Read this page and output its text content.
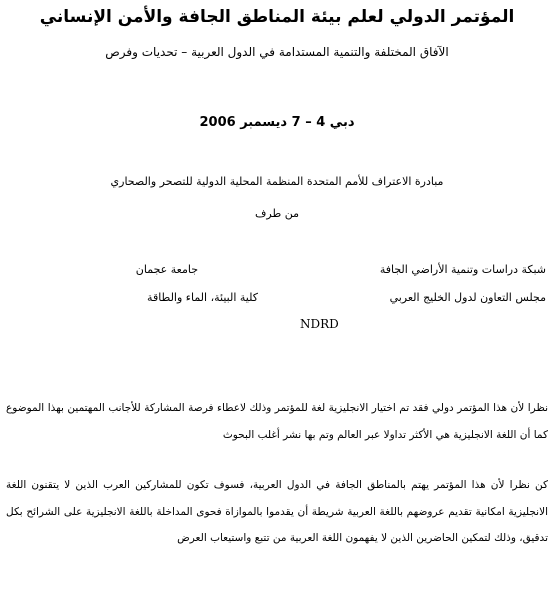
المؤتمر الدولي لعلم بيئة المناطق الجافة والأمن الإنساني
الآفاق المختلفة والتنمية المستدامة في الدول العربية – تحديات وفرص
دبي 4 – 7 ديسمبر 2006
مبادرة الاعتراف للأمم المتحدة المنظمة المحلية الدولية للتصحر والصحاري
من طرف
شبكة دراسات وتنمية الأراضي الجافة
جامعة عجمان
مجلس التعاون لدول الخليج العربي
كلية البيئة، الماء والطاقة
NDRD
نظرا لأن هذا المؤتمر دولي فقد تم اختيار الانجليزية لغة للمؤتمر وذلك لاعطاء فرصة المشاركة للأجانب المهتمين بهذا الموضوع كما أن اللغة الانجليزية هي الأكثر تداولا عبر العالم وتم بها نشر أغلب البحوث
كن نظرا لأن هذا المؤتمر يهتم بالمناطق الجافة في الدول العربية، فسوف تكون للمشاركين العرب الذين لا يتقنون اللغة الانجليزية امكانية تقديم عروضهم باللغة العربية شريطة أن يقدموا بالموازاة فحوى المداخلة باللغة الانجليزية على الشرائح بكل تدقيق، وذلك لتمكين الحاضرين الذين لا يفهمون اللغة العربية من تتبع واستيعاب العرض
